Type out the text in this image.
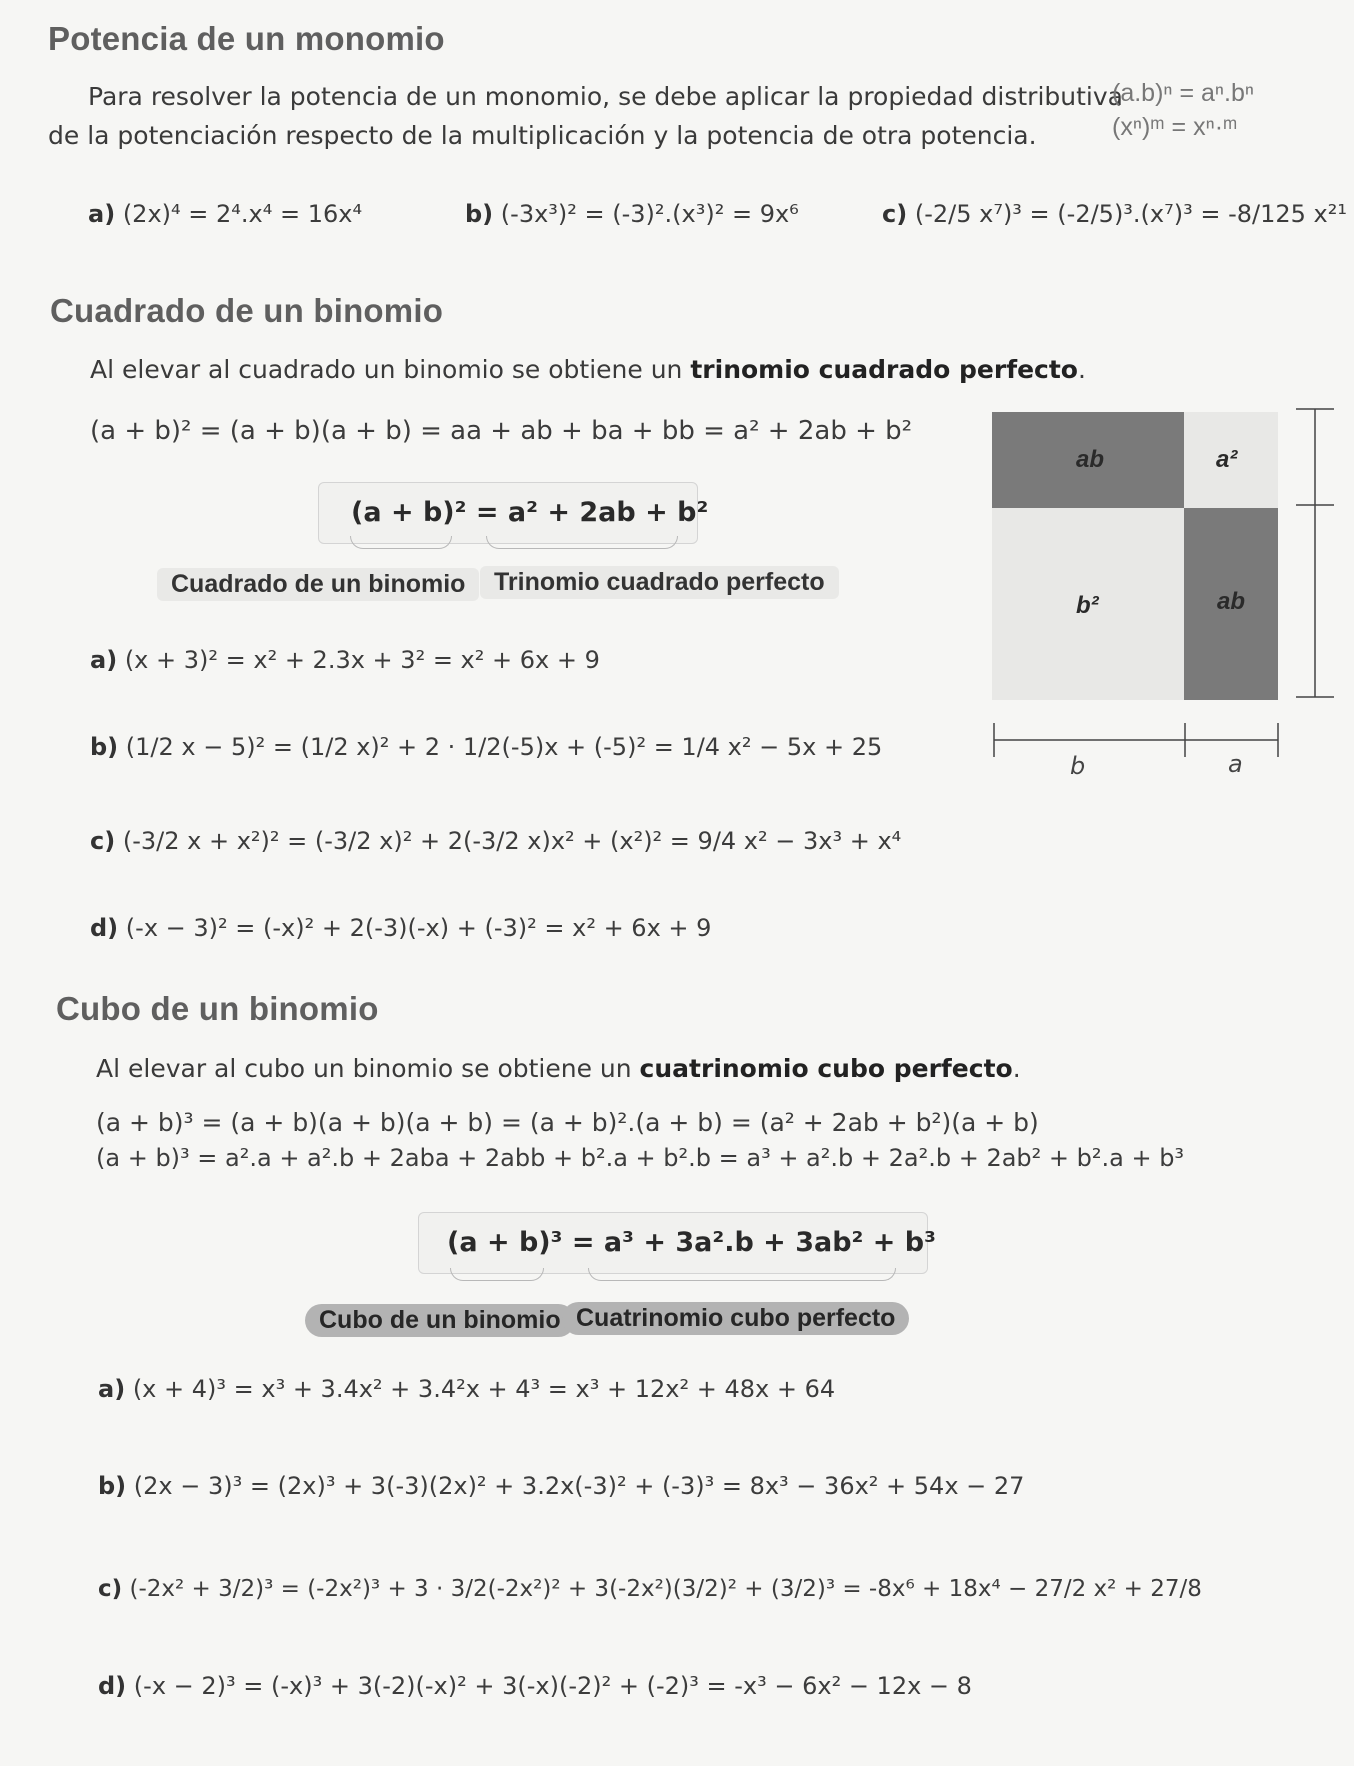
Potencia de un monomio
Para resolver la potencia de un monomio, se debe aplicar la propiedad distributiva
de la potenciación respecto de la multiplicación y la potencia de otra potencia.
(a.b)ⁿ = aⁿ.bⁿ
(xⁿ)ᵐ = xⁿ·ᵐ
a) (2x)⁴ = 2⁴.x⁴ = 16x⁴	b) (-3x³)² = (-3)².(x³)² = 9x⁶	c) (-2/5 x⁷)³ = (-2/5)³.(x⁷)³ = -8/125 x²¹
Cuadrado de un binomio
Al elevar al cuadrado un binomio se obtiene un trinomio cuadrado perfecto.
(a + b)² = (a + b)(a + b) = aa + ab + ba + bb = a² + 2ab + b²
(a + b)² = a² + 2ab + b²
Cuadrado de un binomio	Trinomio cuadrado perfecto
a) (x + 3)² = x² + 2.3x + 3² = x² + 6x + 9
b) (1/2 x − 5)² = (1/2 x)² + 2 · 1/2(-5)x + (-5)² = 1/4 x² − 5x + 25
c) (-3/2 x + x²)² = (-3/2 x)² + 2(-3/2 x)x² + (x²)² = 9/4 x² − 3x³ + x⁴
d) (-x − 3)² = (-x)² + 2(-3)(-x) + (-3)² = x² + 6x + 9
ab	a²
b²	ab
b	a
Cubo de un binomio
Al elevar al cubo un binomio se obtiene un cuatrinomio cubo perfecto.
(a + b)³ = (a + b)(a + b)(a + b) = (a + b)².(a + b) = (a² + 2ab + b²)(a + b)
(a + b)³ = a².a + a².b + 2aba + 2abb + b².a + b².b = a³ + a².b + 2a².b + 2ab² + b².a + b³
(a + b)³ = a³ + 3a².b + 3ab² + b³
Cubo de un binomio Cuatrinomio cubo perfecto
a) (x + 4)³ = x³ + 3.4x² + 3.4²x + 4³ = x³ + 12x² + 48x + 64
b) (2x − 3)³ = (2x)³ + 3(-3)(2x)² + 3.2x(-3)² + (-3)³ = 8x³ − 36x² + 54x − 27
c) (-2x² + 3/2)³ = (-2x²)³ + 3 · 3/2(-2x²)² + 3(-2x²)(3/2)² + (3/2)³ = -8x⁶ + 18x⁴ − 27/2 x² + 27/8
d) (-x − 2)³ = (-x)³ + 3(-2)(-x)² + 3(-x)(-2)² + (-2)³ = -x³ − 6x² − 12x − 8
